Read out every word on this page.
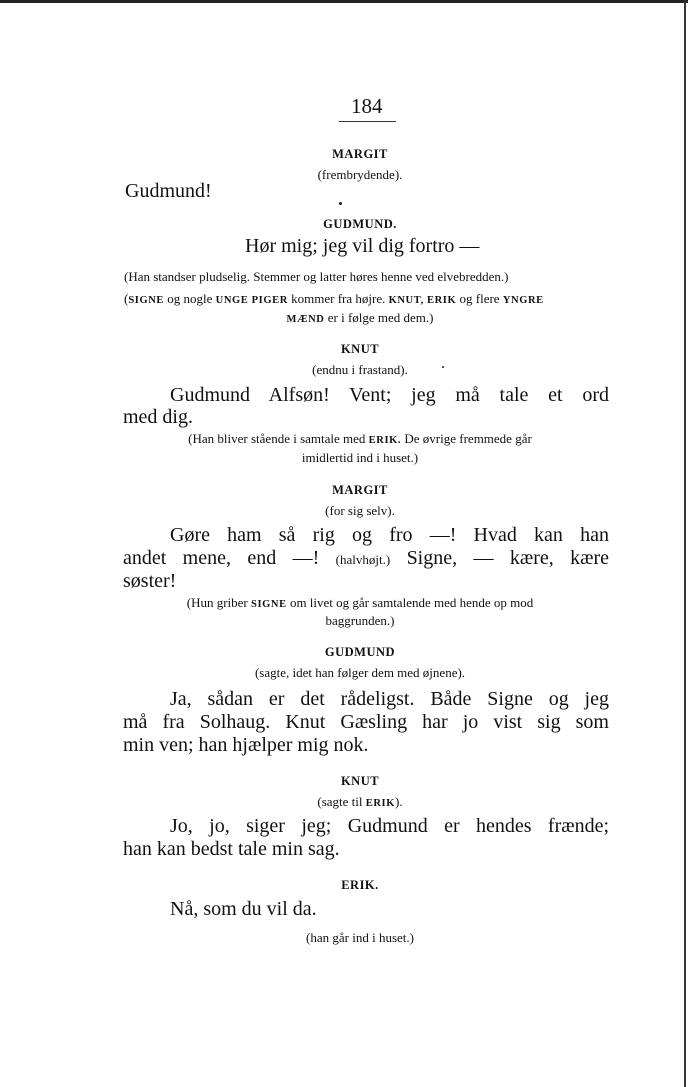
184
MARGIT
(frembrydende).
Gudmund!
GUDMUND.
Hør mig; jeg vil dig fortro —
(Han standser pludselig. Stemmer og latter høres henne ved elvebredden.)
(SIGNE og nogle UNGE PIGER kommer fra højre. KNUT, ERIK og flere YNGRE
MÆND er i følge med dem.)
KNUT
(endnu i frastand).
Gudmund Alfsøn! Vent; jeg må tale et ord
med dig.
(Han bliver stående i samtale med ERIK. De øvrige fremmede går
imidlertid ind i huset.)
MARGIT
(for sig selv).
Gøre ham så rig og fro —! Hvad kan han
andet mene, end —! (halvhøjt.) Signe, — kære, kære
søster!
(Hun griber SIGNE om livet og går samtalende med hende op mod
baggrunden.)
GUDMUND
(sagte, idet han følger dem med øjnene).
Ja, sådan er det rådeligst. Både Signe og jeg
må fra Solhaug. Knut Gæsling har jo vist sig som
min ven; han hjælper mig nok.
KNUT
(sagte til ERIK).
Jo, jo, siger jeg; Gudmund er hendes frænde;
han kan bedst tale min sag.
ERIK.
Nå, som du vil da.
(han går ind i huset.)
